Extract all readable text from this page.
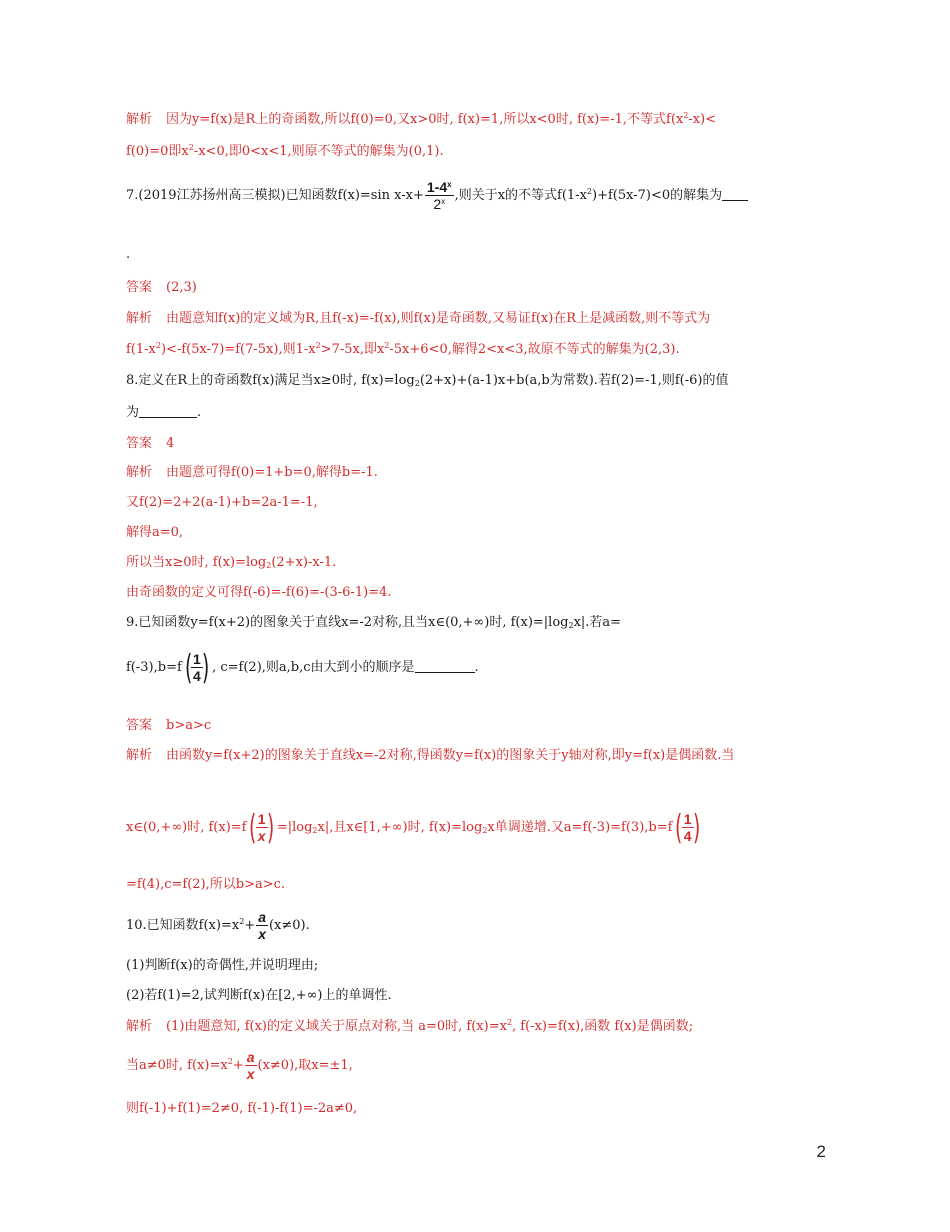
解析 因为y=f(x)是R上的奇函数,所以f(0)=0,又x>0时, f(x)=1,所以x<0时, f(x)=-1,不等式$f(x^2-x)<$
f(0)=0即$x^2-x<0$,即0<x<1,则原不等式的解集为(0,1).
7.(2019江苏扬州高三模拟)已知函数f(x)=sin $x-x+ \frac{1-4^x}{2^x}$ ,则关于x的不等式$f(1-x^2)+f(5x-7)<0$的解集为
.
答案 (2,3)
解析 由题意知f(x)的定义域为R,且f(-x)=-f(x),则f(x)是奇函数,又易证f(x)在R上是减函数,则不等式为
$f(1-x^2)<-f(5x-7)=f(7-5x)$,则$1-x^2>7-5x$,即$x^2-5x+6<0$,解得2<x<3,故原不等式的解集为(2,3).
8.定义在R上的奇函数f(x)满足当x≥0时, $f(x)=\log_2(2+x)+(a-1)x+b(a,b$为常数).若f(2)=-1,则f(-6)的值
为	.
答案 4
解析 由题意可得f(0)=1+b=0,解得b=-1.
又f(2)=2+2(a-1)+b=2a-1=-1,
解得a=0,
所以当x≥0时, $f(x)=\log_2(2+x)-x-1$.
由奇函数的定义可得f(-6)=-f(6)=-(3-6-1)=4.
9.已知函数y=f(x+2)的图象关于直线x=-2对称,且当x∈(0,+∞)时, $f(x)=|\log_2x|$.若a=
f(-3),b=f(
$\frac{1}{4}$
) , c=f(2),则a,b,c由大到小的顺序是	.
答案 b>a>c
解析 由函数y=f(x+2)的图象关于直线x=-2对称,得函数y=f(x)的图象关于y轴对称,即y=f(x)是偶函数.当
x∈(0,+∞)时, f(x)=f(
$\frac{1}{x}$
) $=|\log_2x|$,且x∈[1,+∞)时, $f(x)=\log_2x$单调递增.又a=f(-3)=f(3),b=f(
$\frac{1}{4}$
)
=f(4),c=f(2),所以b>a>c.
10.已知函数$f(x)=x^2+ \frac{a}{x} (x\ne 0)$.
(1)判断f(x)的奇偶性,并说明理由;
(2)若f(1)=2,试判断f(x)在[2,+∞)上的单调性.
解析 (1)由题意知, f(x)的定义域关于原点对称,当 a=0时, $f(x)=x^2$, f(-x)=f(x),函数 f(x)是偶函数;
当a≠0时, $f(x)=x^2+ \frac{a}{x} (x\ne 0)$,取x=±1,
则f(-1)+f(1)=2≠0, f(-1)-f(1)=-2a≠0,
2
